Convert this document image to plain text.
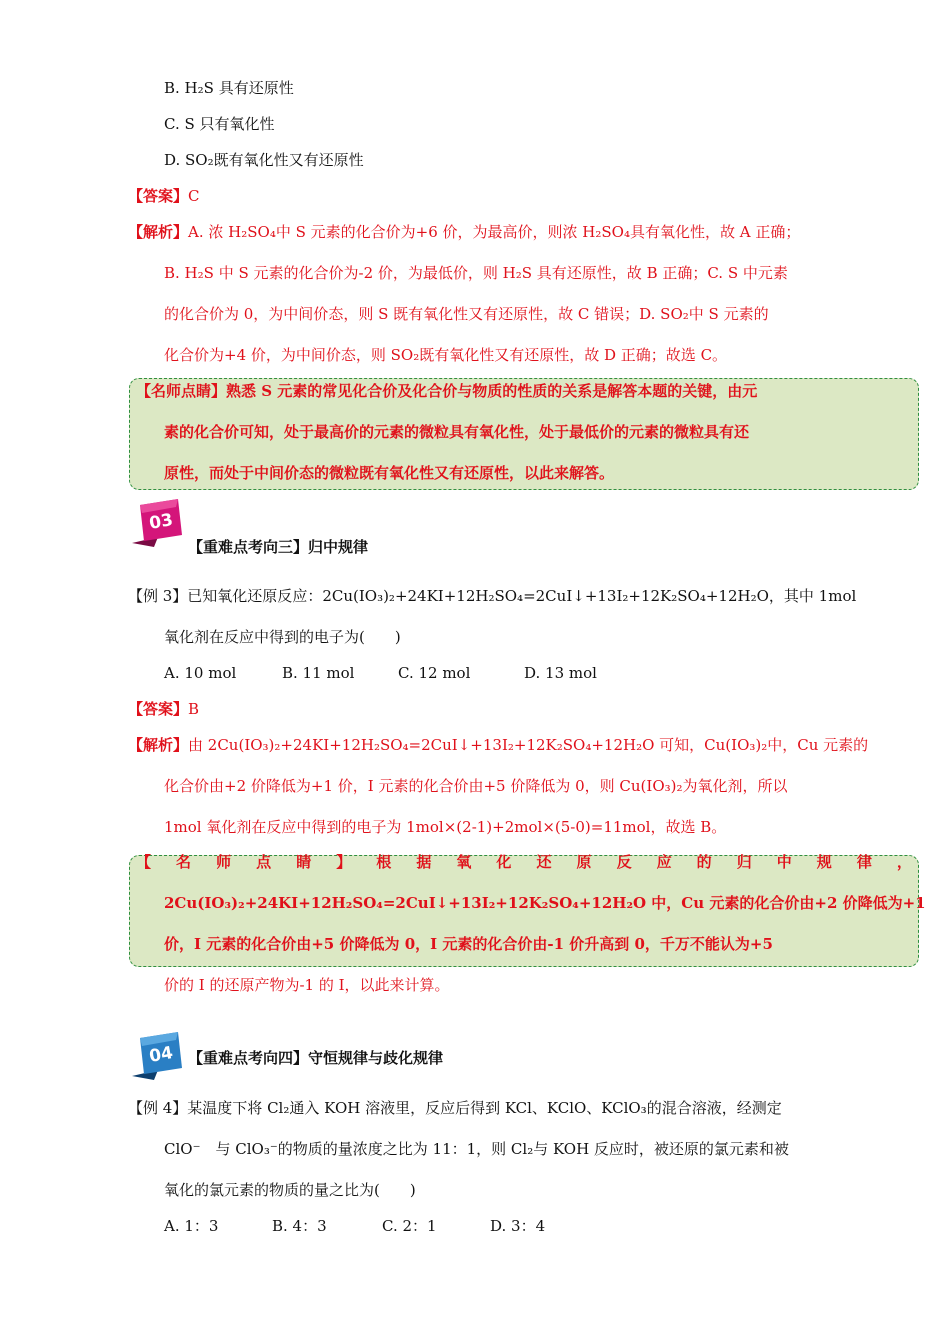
B. H₂S 具有还原性
C. S 只有氧化性
D. SO₂既有氧化性又有还原性
【答案】C
【解析】A. 浓 H₂SO₄中 S 元素的化合价为+6 价，为最高价，则浓 H₂SO₄具有氧化性，故 A 正确；
B. H₂S 中 S 元素的化合价为-2 价，为最低价，则 H₂S 具有还原性，故 B 正确；C. S 中元素
的化合价为 0，为中间价态，则 S 既有氧化性又有还原性，故 C 错误；D. SO₂中 S 元素的
化合价为+4 价，为中间价态，则 SO₂既有氧化性又有还原性，故 D 正确；故选 C。
【名师点睛】熟悉 S 元素的常见化合价及化合价与物质的性质的关系是解答本题的关键，由元
素的化合价可知，处于最高价的元素的微粒具有氧化性，处于最低价的元素的微粒具有还
原性，而处于中间价态的微粒既有氧化性又有还原性，以此来解答。
03
【重难点考向三】归中规律
【例 3】已知氧化还原反应：2Cu(IO₃)₂+24KI+12H₂SO₄=2CuI↓+13I₂+12K₂SO₄+12H₂O，其中 1mol
氧化剂在反应中得到的电子为(　　)
A. 10 mol	B. 11 mol	C. 12 mol	D. 13 mol
【答案】B
【解析】由 2Cu(IO₃)₂+24KI+12H₂SO₄=2CuI↓+13I₂+12K₂SO₄+12H₂O 可知，Cu(IO₃)₂中，Cu 元素的
化合价由+2 价降低为+1 价，I 元素的化合价由+5 价降低为 0，则 Cu(IO₃)₂为氧化剂，所以
1mol 氧化剂在反应中得到的电子为 1mol×(2-1)+2mol×(5-0)=11mol，故选 B。
【 名 师 点 睛 】 根 据 氧 化 还 原 反 应 的 归 中 规 律 ，
2Cu(IO₃)₂+24KI+12H₂SO₄=2CuI↓+13I₂+12K₂SO₄+12H₂O 中，Cu 元素的化合价由+2 价降低为+1
价，I 元素的化合价由+5 价降低为 0，I 元素的化合价由-1 价升高到 0，千万不能认为+5
价的 I 的还原产物为-1 的 I，以此来计算。
04 【重难点考向四】守恒规律与歧化规律
【例 4】某温度下将 Cl₂通入 KOH 溶液里，反应后得到 KCl、KClO、KClO₃的混合溶液，经测定
ClO⁻　与 ClO₃⁻的物质的量浓度之比为 11：1，则 Cl₂与 KOH 反应时，被还原的氯元素和被
氧化的氯元素的物质的量之比为(　　)
A. 1：3	B. 4：3	C. 2：1	D. 3：4
